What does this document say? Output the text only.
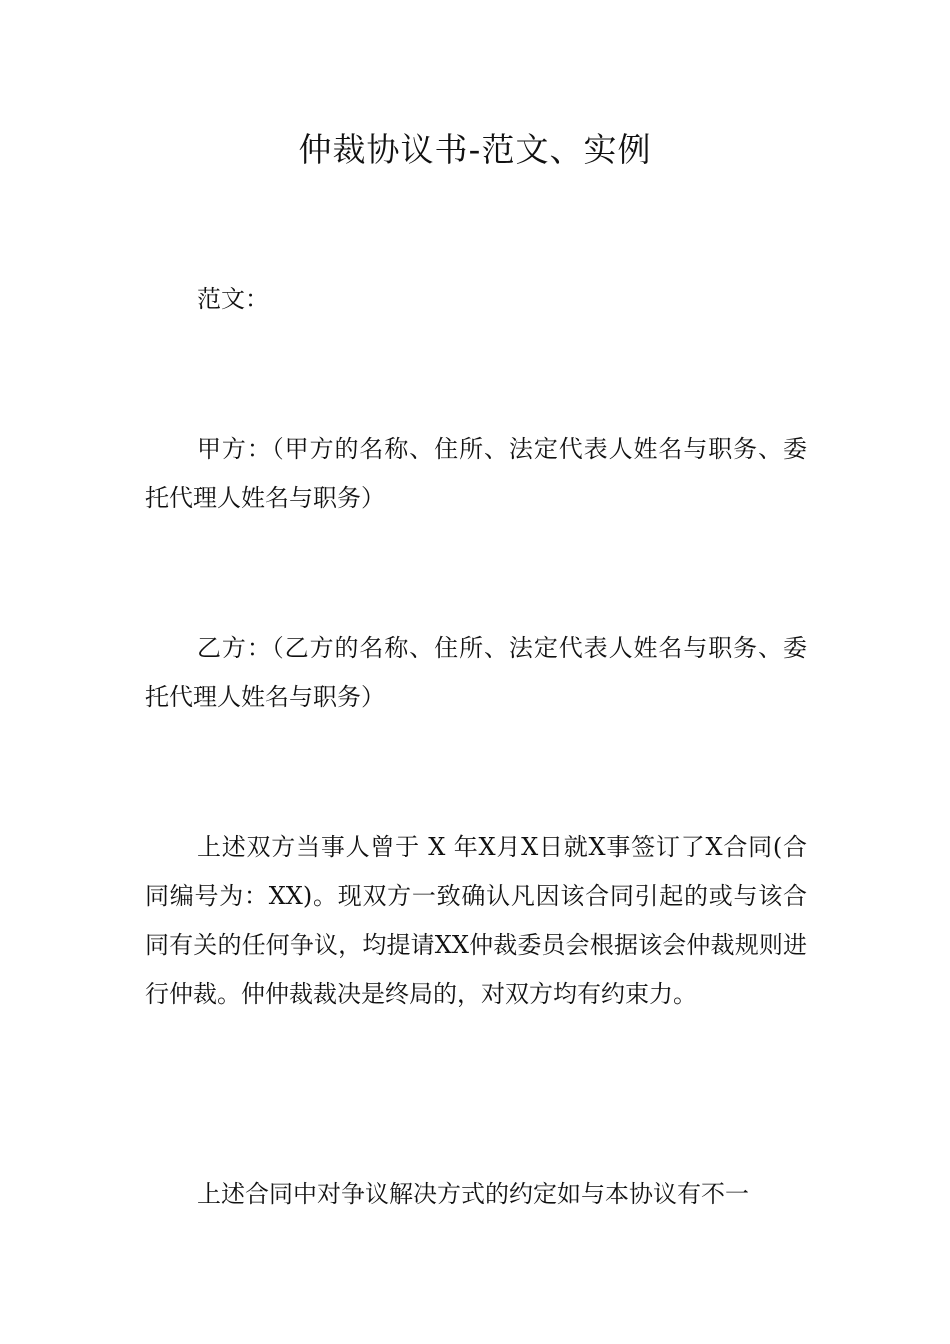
仲裁协议书-范文、实例

范文：

甲方：（甲方的名称、住所、法定代表人姓名与职务、委托代理人姓名与职务）

乙方：（乙方的名称、住所、法定代表人姓名与职务、委托代理人姓名与职务）

上述双方当事人曾于 X 年X月X日就X事签订了X合同(合同编号为：XX)。现双方一致确认凡因该合同引起的或与该合同有关的任何争议，均提请XX仲裁委员会根据该会仲裁规则进行仲裁。仲仲裁裁决是终局的，对双方均有约束力。

上述合同中对争议解决方式的约定如与本协议有不一
